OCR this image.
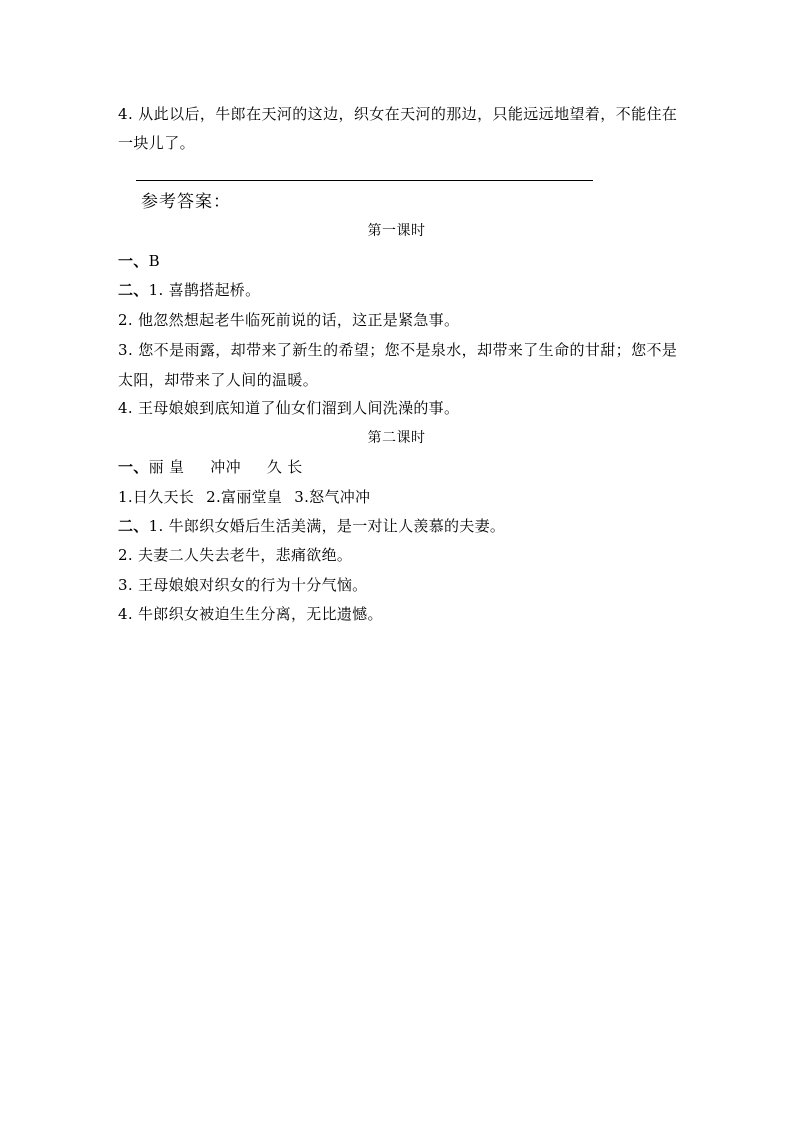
4. 从此以后，牛郎在天河的这边，织女在天河的那边，只能远远地望着，不能住在一块儿了。
参考答案：
第一课时
一、B
二、1. 喜鹊搭起桥。
2. 他忽然想起老牛临死前说的话，这正是紧急事。
3. 您不是雨露，却带来了新生的希望；您不是泉水，却带来了生命的甘甜；您不是太阳，却带来了人间的温暖。
4. 王母娘娘到底知道了仙女们溜到人间洗澡的事。
第二课时
一、丽 皇 冲冲 久 长
1.日久天长 2.富丽堂皇 3.怒气冲冲
二、1. 牛郎织女婚后生活美满，是一对让人羡慕的夫妻。
2. 夫妻二人失去老牛，悲痛欲绝。
3. 王母娘娘对织女的行为十分气恼。
4. 牛郎织女被迫生生分离，无比遗憾。
